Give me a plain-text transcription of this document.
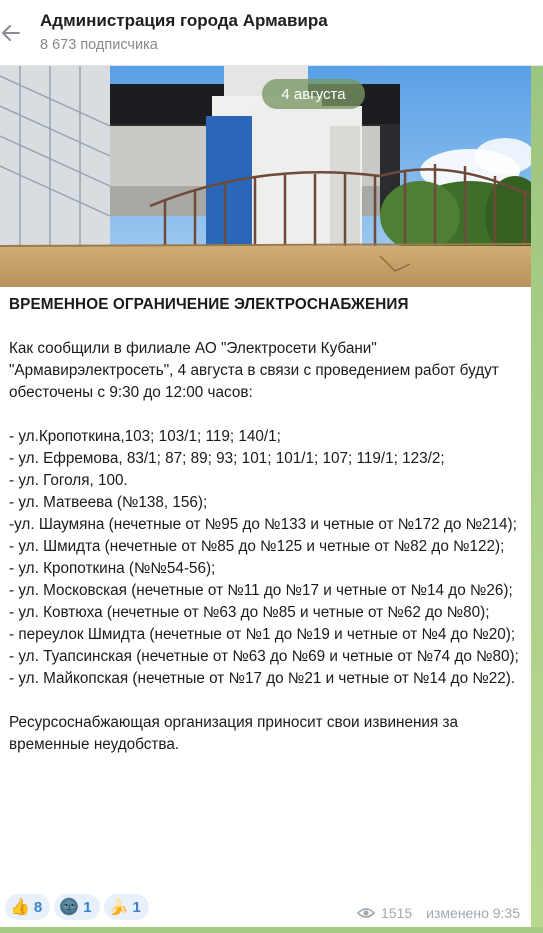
Администрация города Армавира
8 673 подписчика
4 августа
ВРЕМЕННОЕ ОГРАНИЧЕНИЕ ЭЛЕКТРОСНАБЖЕНИЯ

Как сообщили в филиале АО "Электросети Кубани" "Армавирэлектросеть", 4 августа в связи с проведением работ будут обесточены с 9:30 до 12:00 часов:

- ул.Кропоткина,103; 103/1; 119; 140/1;
- ул. Ефремова, 83/1; 87; 89; 93; 101; 101/1; 107; 119/1; 123/2;
- ул. Гоголя, 100.
- ул. Матвеева (№138, 156);
-ул. Шаумяна (нечетные от №95 до №133 и четные от №172 до №214);
- ул. Шмидта (нечетные от №85 до №125 и четные от №82 до №122);
- ул. Кропоткина (№№54-56);
- ул. Московская (нечетные от №11 до №17 и четные от №14 до №26);
- ул. Ковтюха (нечетные от №63 до №85 и четные от №62 до №80);
- переулок Шмидта (нечетные от №1 до №19 и четные от №4 до №20);
- ул. Туапсинская (нечетные от №63 до №69 и четные от №74 до №80);
- ул. Майкопская (нечетные от №17 до №21 и четные от №14 до №22).

Ресурсоснабжающая организация приносит свои извинения за временные неудобства.
👍 8 🌚 1 🍌 1	1515 изменено 9:35
